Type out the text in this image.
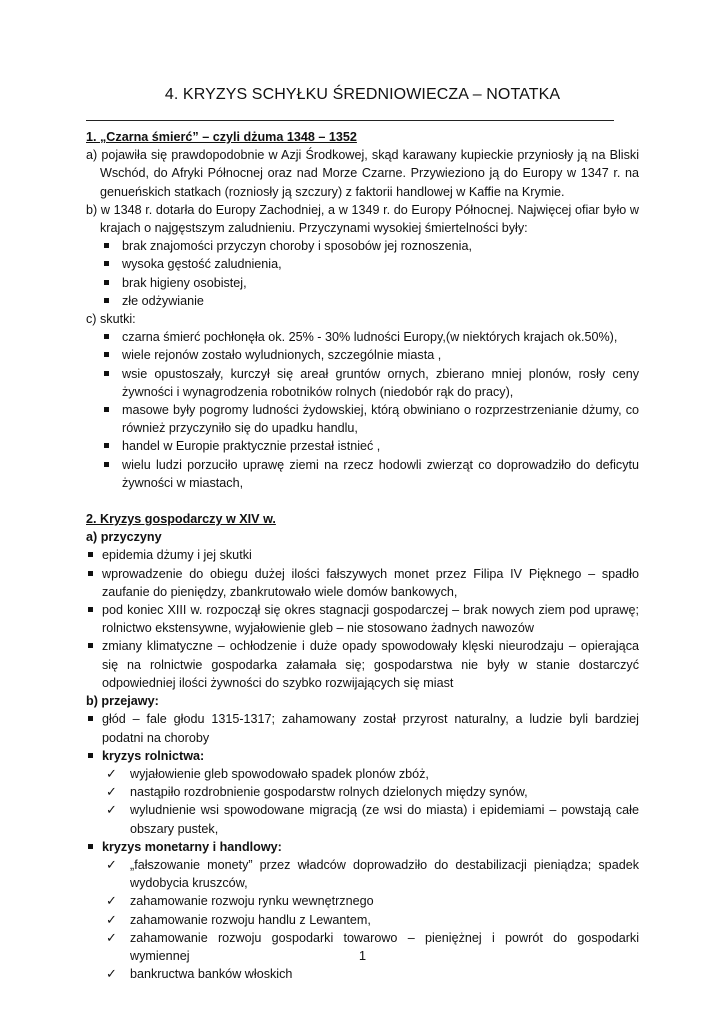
4. KRYZYS SCHYŁKU ŚREDNIOWIECZA – NOTATKA

1. „Czarna śmierć” – czyli dżuma 1348 – 1352

a) pojawiła się prawdopodobnie w Azji Środkowej, skąd karawany kupieckie przyniosły ją na Bliski Wschód, do Afryki Północnej oraz nad Morze Czarne. Przywieziono ją do Europy w 1347 r. na genueńskich statkach (rozniosły ją szczury) z faktorii handlowej w Kaffie na Krymie.

b) w 1348 r. dotarła do Europy Zachodniej, a w 1349 r. do Europy Północnej. Najwięcej ofiar było w krajach o najgęstszym zaludnieniu. Przyczynami wysokiej śmiertelności były:

brak znajomości przyczyn choroby i sposobów jej roznoszenia,
wysoka gęstość zaludnienia,
brak higieny osobistej,
złe odżywianie

c) skutki:

czarna śmierć pochłonęła ok. 25% - 30% ludności Europy,(w niektórych krajach ok.50%),
wiele rejonów zostało wyludnionych, szczególnie miasta ,
wsie opustoszały, kurczył się areał gruntów ornych, zbierano mniej plonów, rosły ceny żywności i wynagrodzenia robotników rolnych (niedobór rąk do pracy),
masowe były pogromy ludności żydowskiej, którą obwiniano o rozprzestrzenianie dżumy, co również przyczyniło się do upadku handlu,
handel w Europie praktycznie przestał istnieć ,
wielu ludzi porzuciło uprawę ziemi na rzecz hodowli zwierząt co doprowadziło do deficytu żywności w miastach,

2. Kryzys gospodarczy w XIV w.

a) przyczyny

epidemia dżumy i jej skutki
wprowadzenie do obiegu dużej ilości fałszywych monet przez Filipa IV Pięknego – spadło zaufanie do pieniędzy, zbankrutowało wiele domów bankowych,
pod koniec XIII w. rozpoczął się okres stagnacji gospodarczej – brak nowych ziem pod uprawę; rolnictwo ekstensywne, wyjałowienie gleb – nie stosowano żadnych nawozów
zmiany klimatyczne – ochłodzenie i duże opady spowodowały klęski nieurodzaju – opierająca się na rolnictwie gospodarka załamała się; gospodarstwa nie były w stanie dostarczyć odpowiedniej ilości żywności do szybko rozwijających się miast

b) przejawy:

głód – fale głodu 1315-1317; zahamowany został przyrost naturalny, a ludzie byli bardziej podatni na choroby
kryzys rolnictwa:
✓ wyjałowienie gleb spowodowało spadek plonów zbóż,
✓ nastąpiło rozdrobnienie gospodarstw rolnych dzielonych między synów,
✓ wyludnienie wsi spowodowane migracją (ze wsi do miasta) i epidemiami – powstają całe obszary pustek,
kryzys monetarny i handlowy:
✓ „fałszowanie monety” przez władców doprowadziło do destabilizacji pieniądza; spadek wydobycia kruszców,
✓ zahamowanie rozwoju rynku wewnętrznego
✓ zahamowanie rozwoju handlu z Lewantem,
✓ zahamowanie rozwoju gospodarki towarowo – pieniężnej i powrót do gospodarki wymiennej
✓ bankructwa banków włoskich
1
